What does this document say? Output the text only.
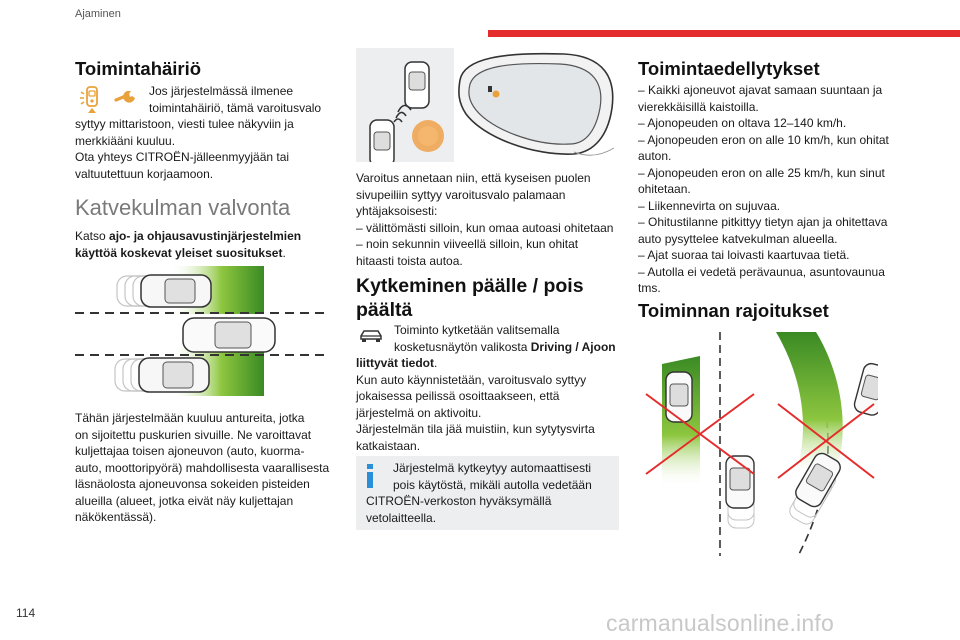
Ajaminen
Toimintahäiriö

Jos järjestelmässä ilmenee

toimintahäiriö, tämä varoitusvalo

syttyy mittaristoon, viesti tulee näkyviin ja

merkkiääni kuuluu.

Ota yhteys CITROËN-jälleenmyyjään tai

valtuutettuun korjaamoon.

Katvekulman valvonta

Katso ajo- ja ohjausavustinjärjestelmien

käyttöä koskevat yleiset suositukset.

Tähän järjestelmään kuuluu antureita, jotka

on sijoitettu puskurien sivuille. Ne varoittavat

kuljettajaa toisen ajoneuvon (auto, kuorma-

auto, moottoripyörä) mahdollisesta vaarallisesta

läsnäolosta ajoneuvonsa sokeiden pisteiden

alueilla (alueet, jotka eivät näy kuljettajan

näkökentässä).

Varoitus annetaan niin, että kyseisen puolen

sivupeiliin syttyy varoitusvalo palamaan

yhtäjaksoisesti:

– välittömästi silloin, kun omaa autoasi ohitetaan

– noin sekunnin viiveellä silloin, kun ohitat

hitaasti toista autoa.

Kytkeminen päälle / pois

päältä

Toiminto kytketään valitsemalla

kosketusnäytön valikosta Driving / Ajoon

liittyvät tiedot.

Kun auto käynnistetään, varoitusvalo syttyy

jokaisessa peilissä osoittaakseen, että

järjestelmä on aktivoitu.

Järjestelmän tila jää muistiin, kun sytytysvirta

katkaistaan.

Järjestelmä kytkeytyy automaattisesti

pois käytöstä, mikäli autolla vedetään

CITROËN-verkoston hyväksymällä

vetolaitteella.

Toimintaedellytykset

– Kaikki ajoneuvot ajavat samaan suuntaan ja

vierekkäisillä kaistoilla.

– Ajonopeuden on oltava 12–140 km/h.

– Ajonopeuden eron on alle 10 km/h, kun ohitat

auton.

– Ajonopeuden eron on alle 25 km/h, kun sinut

ohitetaan.

– Liikennevirta on sujuvaa.

– Ohitustilanne pitkittyy tietyn ajan ja ohitettava

auto pysyttelee katvekulman alueella.

– Ajat suoraa tai loivasti kaartuvaa tietä.

– Autolla ei vedetä perävaunua, asuntovaunua

tms.

Toiminnan rajoitukset
114	carmanualsonline.info
